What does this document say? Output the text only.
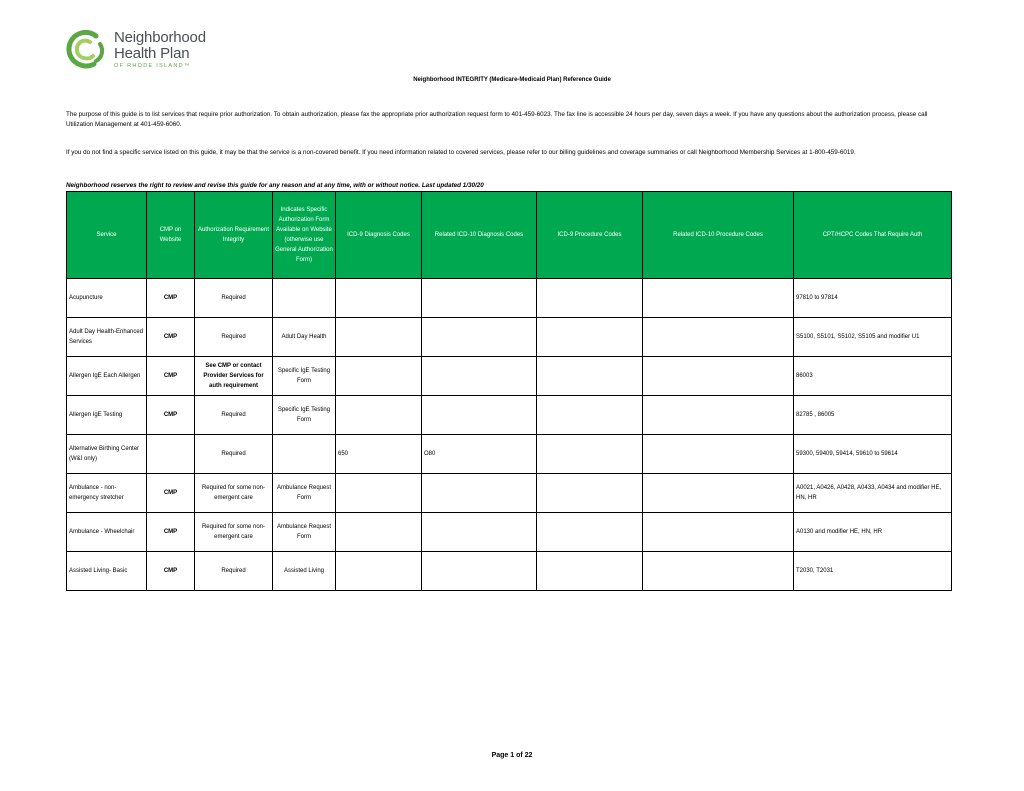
Neighborhood
Health Plan
OF RHODE ISLAND™
Neighborhood INTEGRITY (Medicare-Medicaid Plan) Reference Guide
The purpose of this guide is to list services that require prior authorization. To obtain authorization, please fax the appropriate prior authorization request form to 401-459-6023. The fax line is accessible 24 hours per day, seven days a week. If you have any questions about the authorization process, please call Utilization Management at 401-459-6060.
If you do not find a specific service listed on this guide, it may be that the service is a non-covered benefit. If you need information related to covered services, please refer to our billing guidelines and coverage summaries or call Neighborhood Membership Services at 1-800-459-6019.
Neighborhood reserves the right to review and revise this guide for any reason and at any time, with or without notice. Last updated 1/30/20
Service	CMP on Website	Authorization Requirement Integrity	Indicates Specific Authorization Form Available on Website (otherwise use General Authorization Form)	ICD-9 Diagnosis Codes	Related ICD-10 Diagnosis Codes	ICD-9 Procedure Codes	Related ICD-10 Procedure Codes	CPT/HCPC Codes That Require Auth
Acupuncture	CMP	Required						97810 to 97814
Adult Day Health-Enhanced Services	CMP	Required	Adult Day Health					S5100, S5101, S5102, S5105 and modifier U1
Allergen IgE Each Allergen	CMP	See CMP or contact Provider Services for auth requirement	Specific IgE Testing Form					86003
Allergen IgE Testing	CMP	Required	Specific IgE Testing Form					82785 , 86005
Alternative Birthing Center (W&I only)		Required		650	O80			59300, 59409, 59414, 59610 to 59614
Ambulance - non-emergency stretcher	CMP	Required for some non-emergent care	Ambulance Request Form					A0021, A0426, A0428, A0433, A0434 and modifier HE, HN, HR
Ambulance - Wheelchair	CMP	Required for some non-emergent care	Ambulance Request Form					A0130 and modifier HE, HN, HR
Assisted Living- Basic	CMP	Required	Assisted Living					T2030, T2031
Page 1 of 22
